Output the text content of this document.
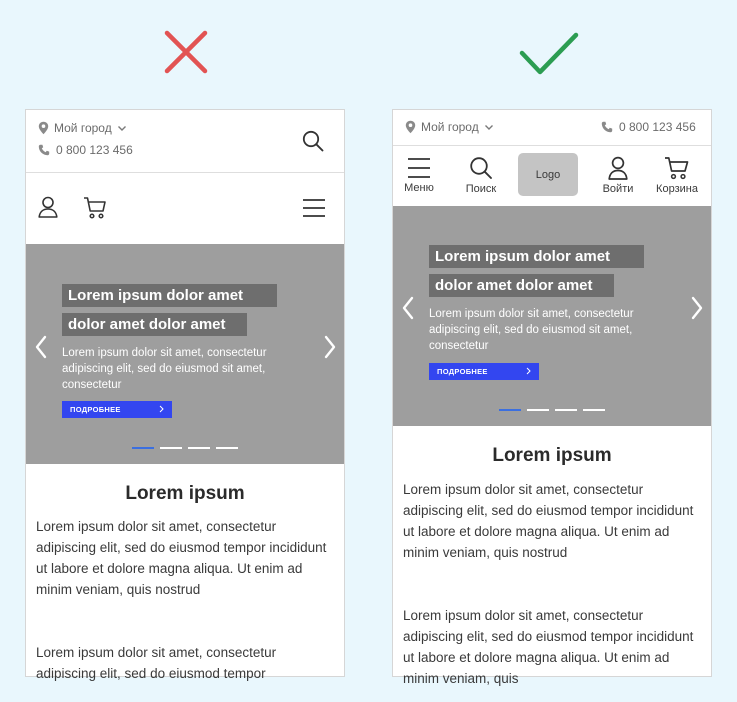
Мой город
0 800 123 456
Lorem ipsum dolor amet
dolor amet dolor amet
Lorem ipsum dolor sit amet, consectetur adipiscing elit, sed do eiusmod sit amet, consectetur
ПОДРОБНЕЕ
Lorem ipsum
Lorem ipsum dolor sit amet, consectetur adipiscing elit, sed do eiusmod tempor incididunt ut labore et dolore magna aliqua. Ut enim ad minim veniam, quis nostrud
Lorem ipsum dolor sit amet, consectetur adipiscing elit, sed do eiusmod tempor
Мой город	0 800 123 456
Меню	Поиск
Logo
Войти Корзина
Lorem ipsum dolor amet
dolor amet dolor amet
Lorem ipsum dolor sit amet, consectetur adipiscing elit, sed do eiusmod sit amet, consectetur
ПОДРОБНЕЕ
Lorem ipsum
Lorem ipsum dolor sit amet, consectetur adipiscing elit, sed do eiusmod tempor incididunt ut labore et dolore magna aliqua. Ut enim ad minim veniam, quis nostrud
Lorem ipsum dolor sit amet, consectetur adipiscing elit, sed do eiusmod tempor incididunt ut labore et dolore magna aliqua. Ut enim ad minim veniam, quis
